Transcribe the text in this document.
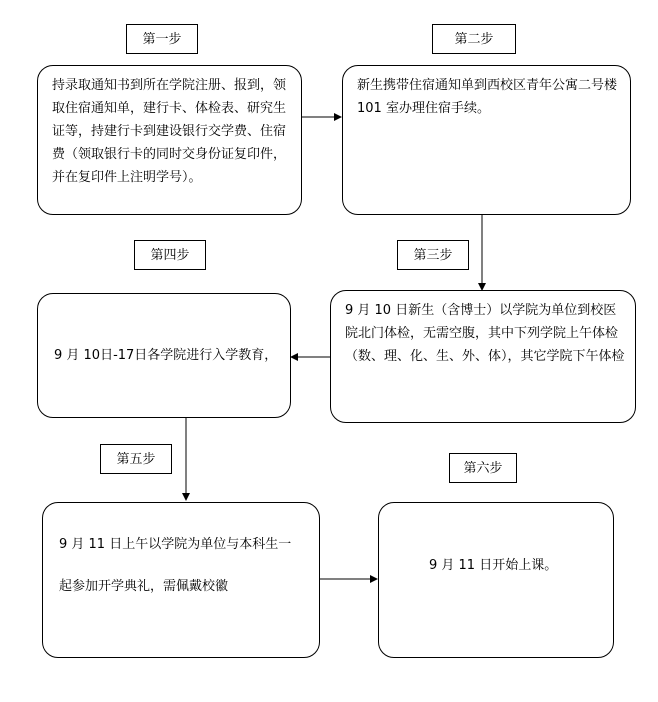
第一步

持录取通知书到所在学院注册、报到，领取住宿通知单，建行卡、体检表、研究生证等，持建行卡到建设银行交学费、住宿费（领取银行卡的同时交身份证复印件，并在复印件上注明学号）。

第二步

新生携带住宿通知单到西校区青年公寓二号楼 101 室办理住宿手续。

第四步	第三步

9 月 10日-17日各学院进行入学教育，

9 月 10 日新生（含博士）以学院为单位到校医院北门体检，无需空腹，其中下列学院上午体检（数、理、化、生、外、体），其它学院下午体检

第五步
第六步

9 月 11 日上午以学院为单位与本科生一

起参加开学典礼，需佩戴校徽

9 月 11 日开始上课。
